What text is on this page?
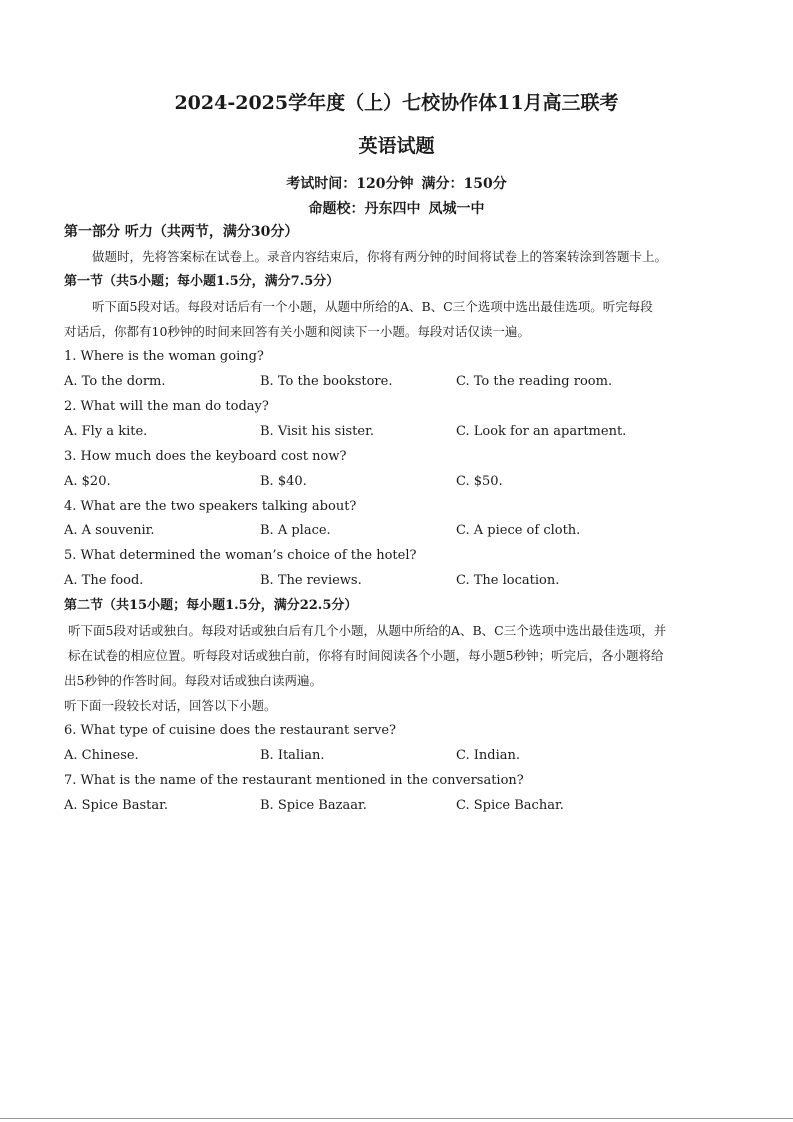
2024-2025学年度（上）七校协作体11月高三联考
英语试题
考试时间：120分钟 满分：150分
命题校：丹东四中 凤城一中
第一部分 听力（共两节，满分30分）
做题时，先将答案标在试卷上。录音内容结束后，你将有两分钟的时间将试卷上的答案转涂到答题卡上。
第一节（共5小题；每小题1.5分，满分7.5分）
听下面5段对话。每段对话后有一个小题，从题中所给的A、B、C三个选项中选出最佳选项。听完每段
对话后，你都有10秒钟的时间来回答有关小题和阅读下一小题。每段对话仅读一遍。
1. Where is the woman going?
A. To the dorm.	B. To the bookstore.	C. To the reading room.
2. What will the man do today?
A. Fly a kite.	B. Visit his sister.	C. Look for an apartment.
3. How much does the keyboard cost now?
A. $20.	B. $40.	C. $50.
4. What are the two speakers talking about?
A. A souvenir.	B. A place.	C. A piece of cloth.
5. What determined the woman’s choice of the hotel?
A. The food.	B. The reviews.	C. The location.
第二节（共15小题；每小题1.5分，满分22.5分）
听下面5段对话或独白。每段对话或独白后有几个小题，从题中所给的A、B、C三个选项中选出最佳选项，并
标在试卷的相应位置。听每段对话或独白前，你将有时间阅读各个小题，每小题5秒钟；听完后，各小题将给
出5秒钟的作答时间。每段对话或独白读两遍。
听下面一段较长对话，回答以下小题。
6. What type of cuisine does the restaurant serve?
A. Chinese.	B. Italian.	C. Indian.
7. What is the name of the restaurant mentioned in the conversation?
A. Spice Bastar.	B. Spice Bazaar.	C. Spice Bachar.
